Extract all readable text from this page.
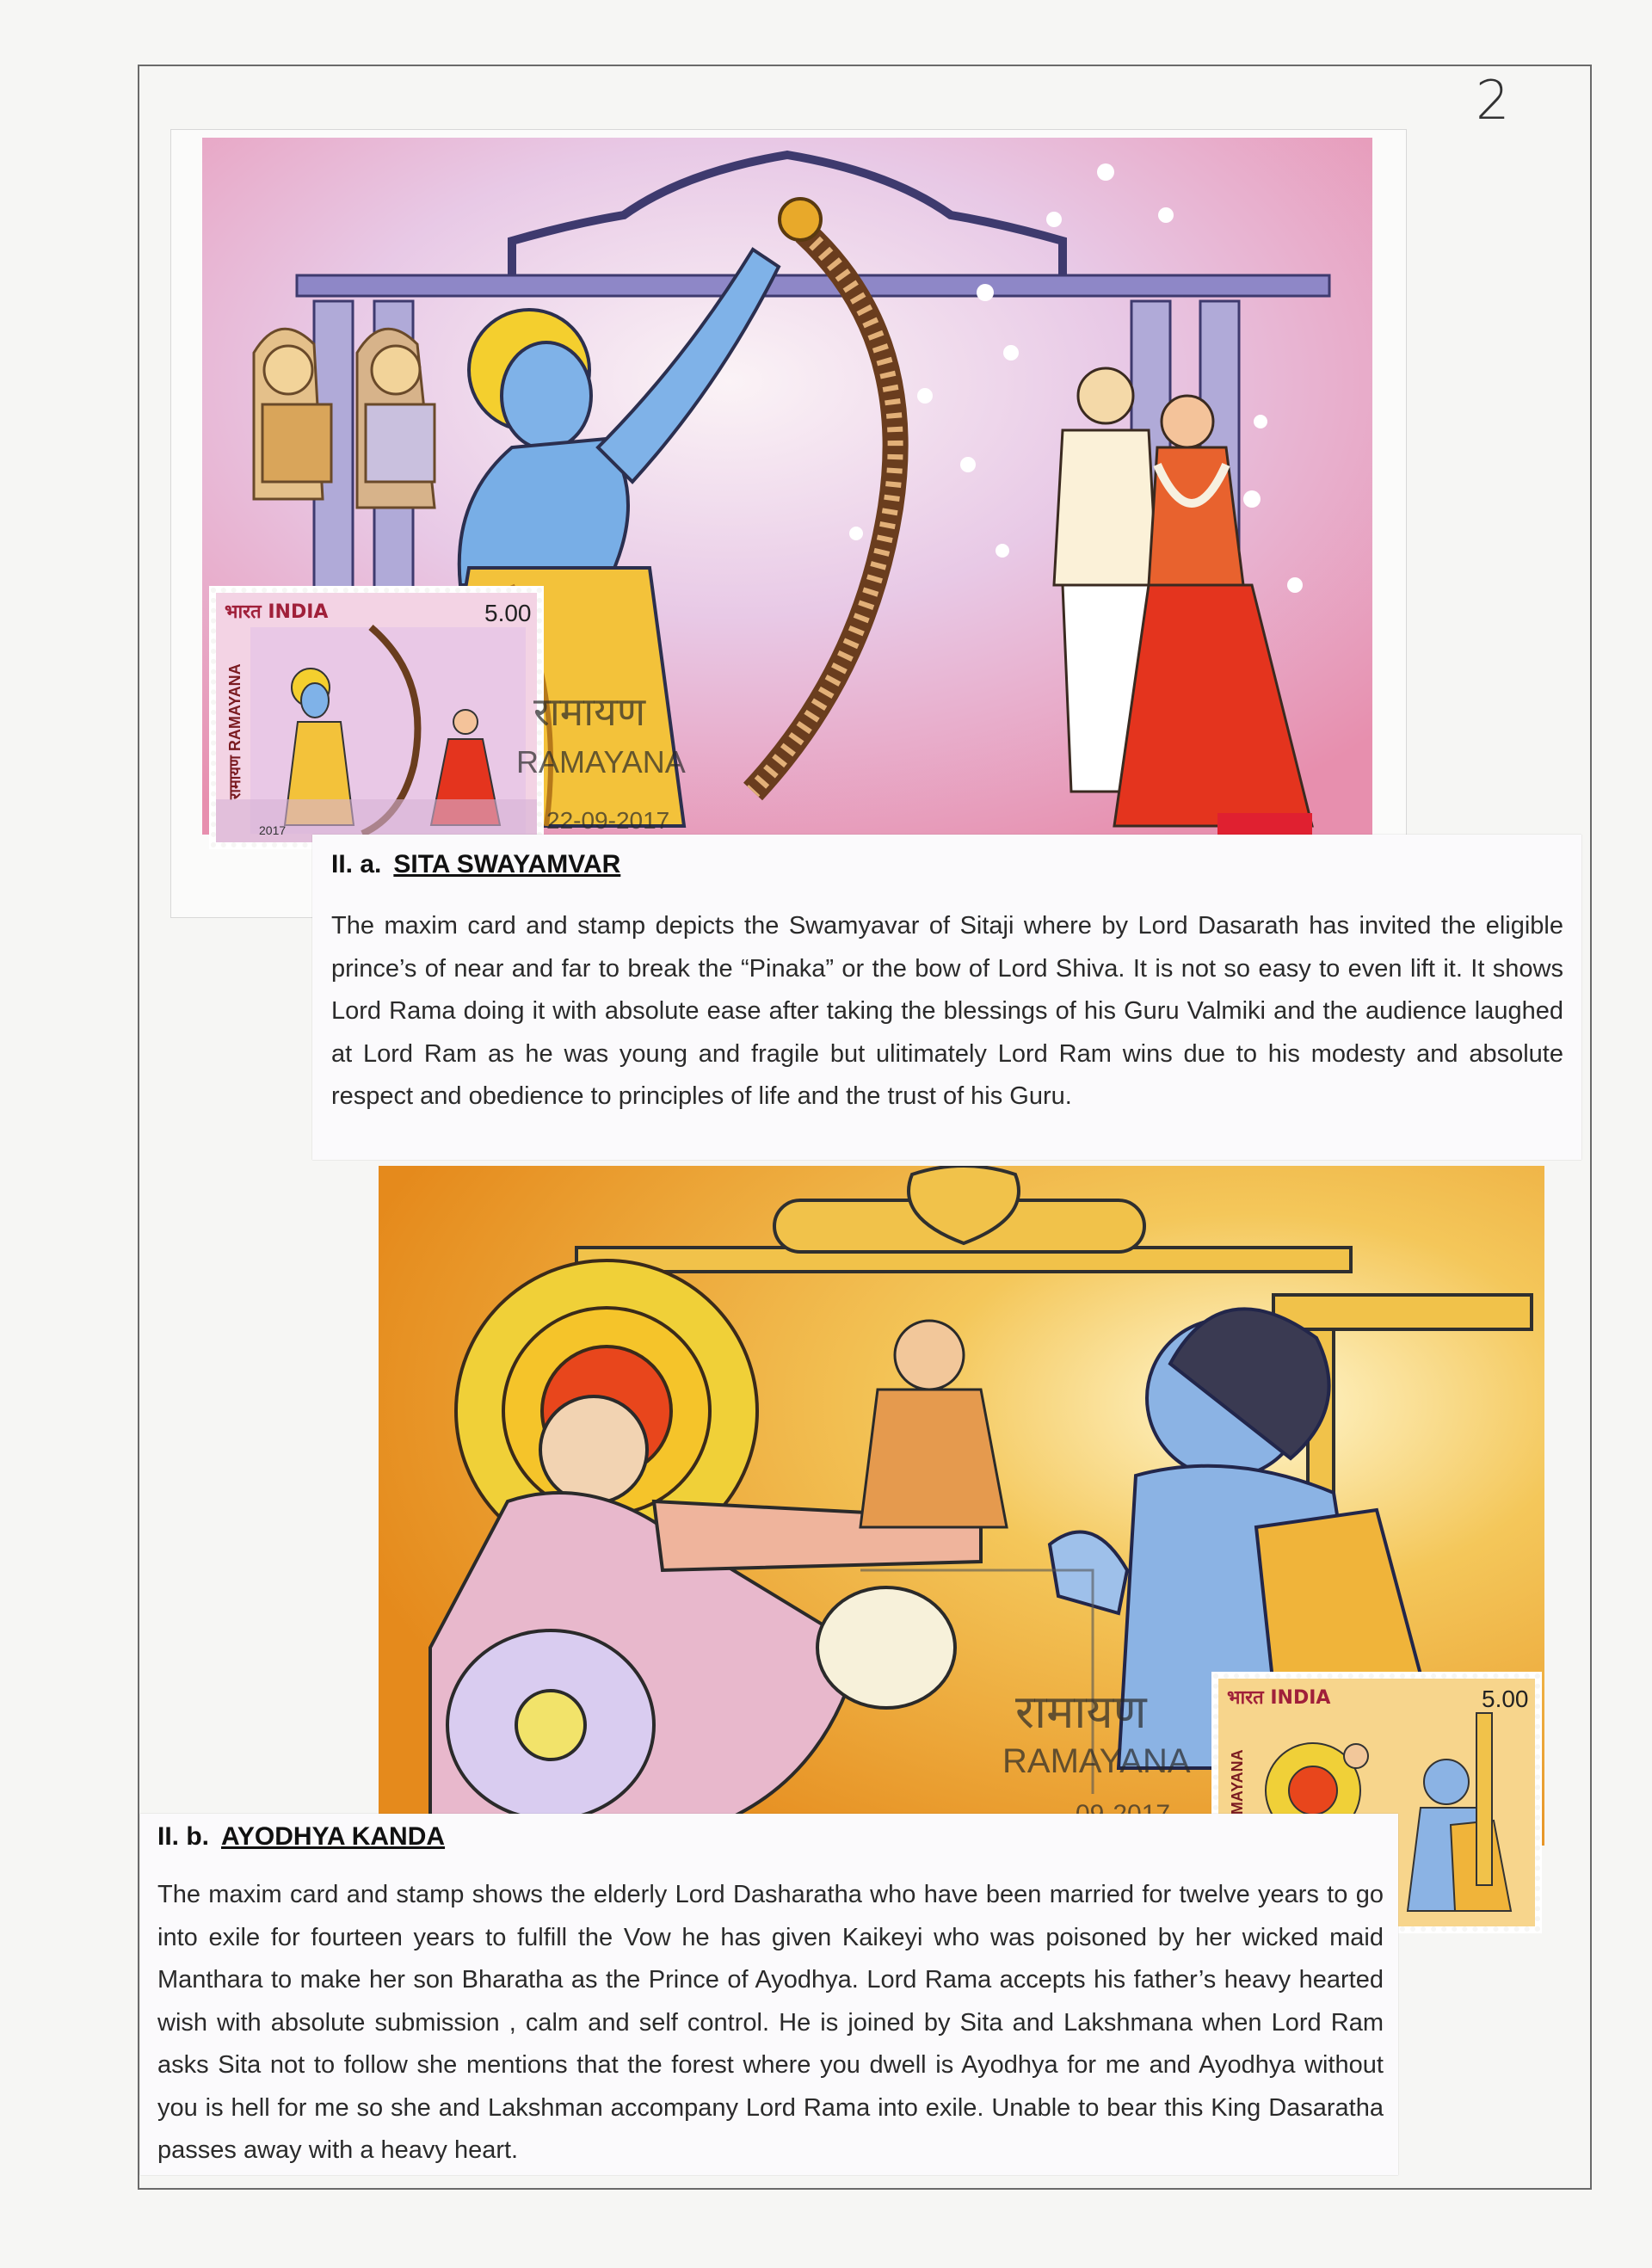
2
भारत INDIA	5.00
रामायण RAMAYANA
2017
रामायण
RAMAYANA
22-09-2017
II. a. SITA SWAYAMVAR
The maxim card and stamp depicts the Swamyavar of Sitaji where by Lord Dasarath has invited the eligible prince’s of near and far to break the “Pinaka” or the bow of Lord Shiva. It is not so easy to even lift it. It shows Lord Rama doing it with absolute ease after taking the blessings of his Guru Valmiki and the audience laughed at Lord Ram as he was young and fragile but ulitimately Lord Ram wins due to his modesty and absolute respect and obedience to principles of life and the trust of his Guru.
भारत INDIA	5.00
रामायण
RAMAYANA
II. b. AYODHYA KANDA
The maxim card and stamp shows the elderly Lord Dasharatha who have been married for twelve years to go into exile for fourteen years to fulfill the Vow he has given Kaikeyi who was poisoned by her wicked maid Manthara to make her son Bharatha as the Prince of Ayodhya. Lord Rama accepts his father’s heavy hearted wish with absolute submission , calm and self control. He is joined by Sita and Lakshmana when Lord Ram asks Sita not to follow she mentions that the forest where you dwell is Ayodhya for me and Ayodhya without you is hell for me so she and Lakshman accompany Lord Rama into exile. Unable to bear this King Dasaratha passes away with a heavy heart.
